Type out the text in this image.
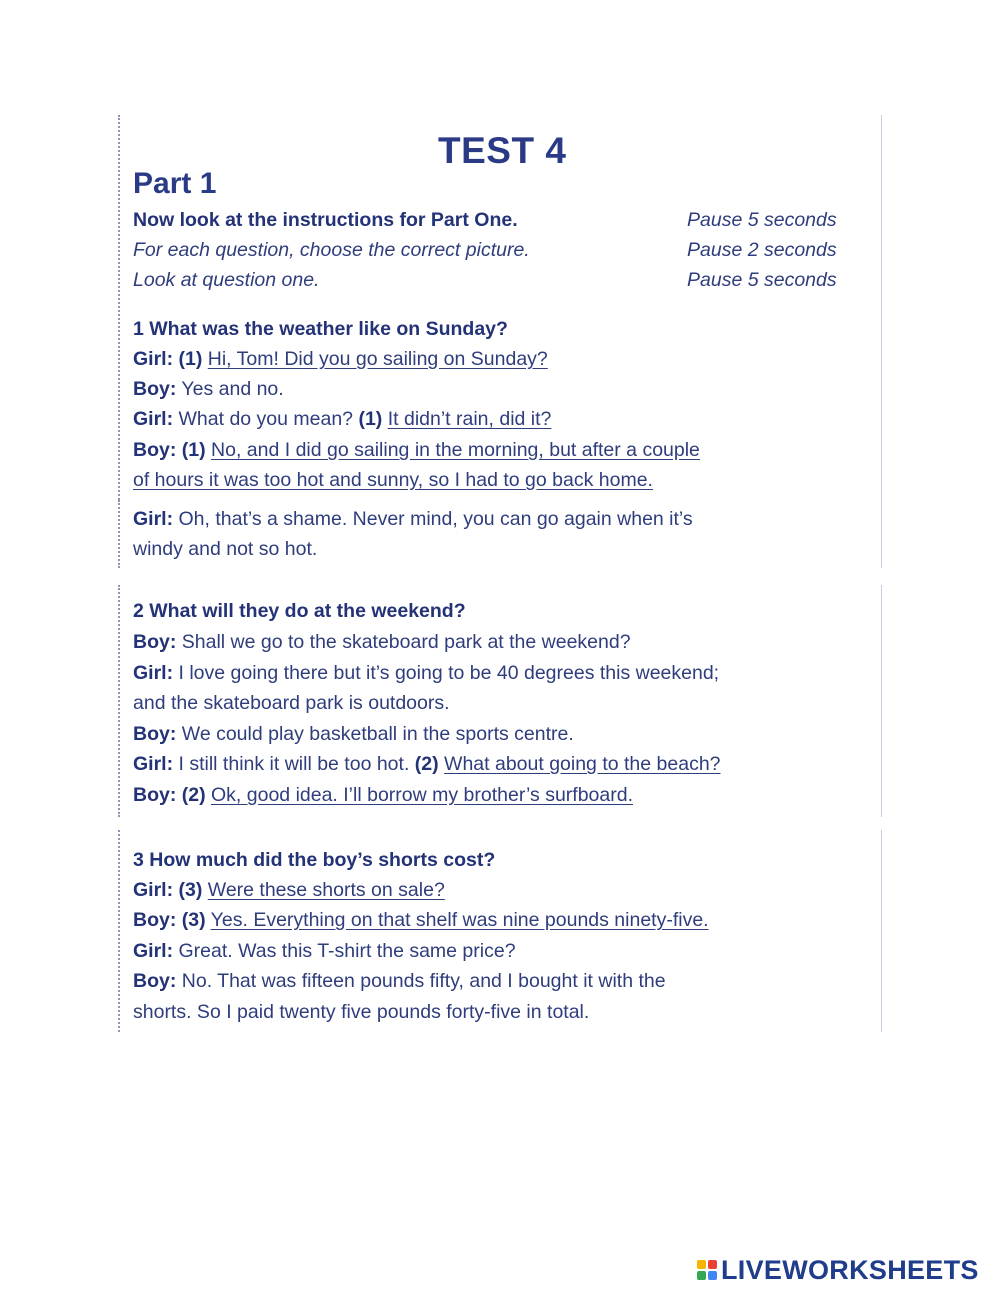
TEST 4
Part 1
Now look at the instructions for Part One.	Pause 5 seconds
For each question, choose the correct picture.	Pause 2 seconds
Look at question one.	Pause 5 seconds
1 What was the weather like on Sunday?
Girl: (1) Hi, Tom! Did you go sailing on Sunday?
Boy: Yes and no.
Girl: What do you mean? (1) It didn’t rain, did it?
Boy: (1) No, and I did go sailing in the morning, but after a couple
of hours it was too hot and sunny, so I had to go back home.
Girl: Oh, that’s a shame. Never mind, you can go again when it’s
windy and not so hot.
2 What will they do at the weekend?
Boy: Shall we go to the skateboard park at the weekend?
Girl: I love going there but it’s going to be 40 degrees this weekend;
and the skateboard park is outdoors.
Boy: We could play basketball in the sports centre.
Girl: I still think it will be too hot. (2) What about going to the beach?
Boy: (2) Ok, good idea. I’ll borrow my brother’s surfboard.
3 How much did the boy’s shorts cost?
Girl: (3) Were these shorts on sale?
Boy: (3) Yes. Everything on that shelf was nine pounds ninety-five.
Girl: Great. Was this T-shirt the same price?
Boy: No. That was fifteen pounds fifty, and I bought it with the
shorts. So I paid twenty five pounds forty-five in total.
LIVEWORKSHEETS
